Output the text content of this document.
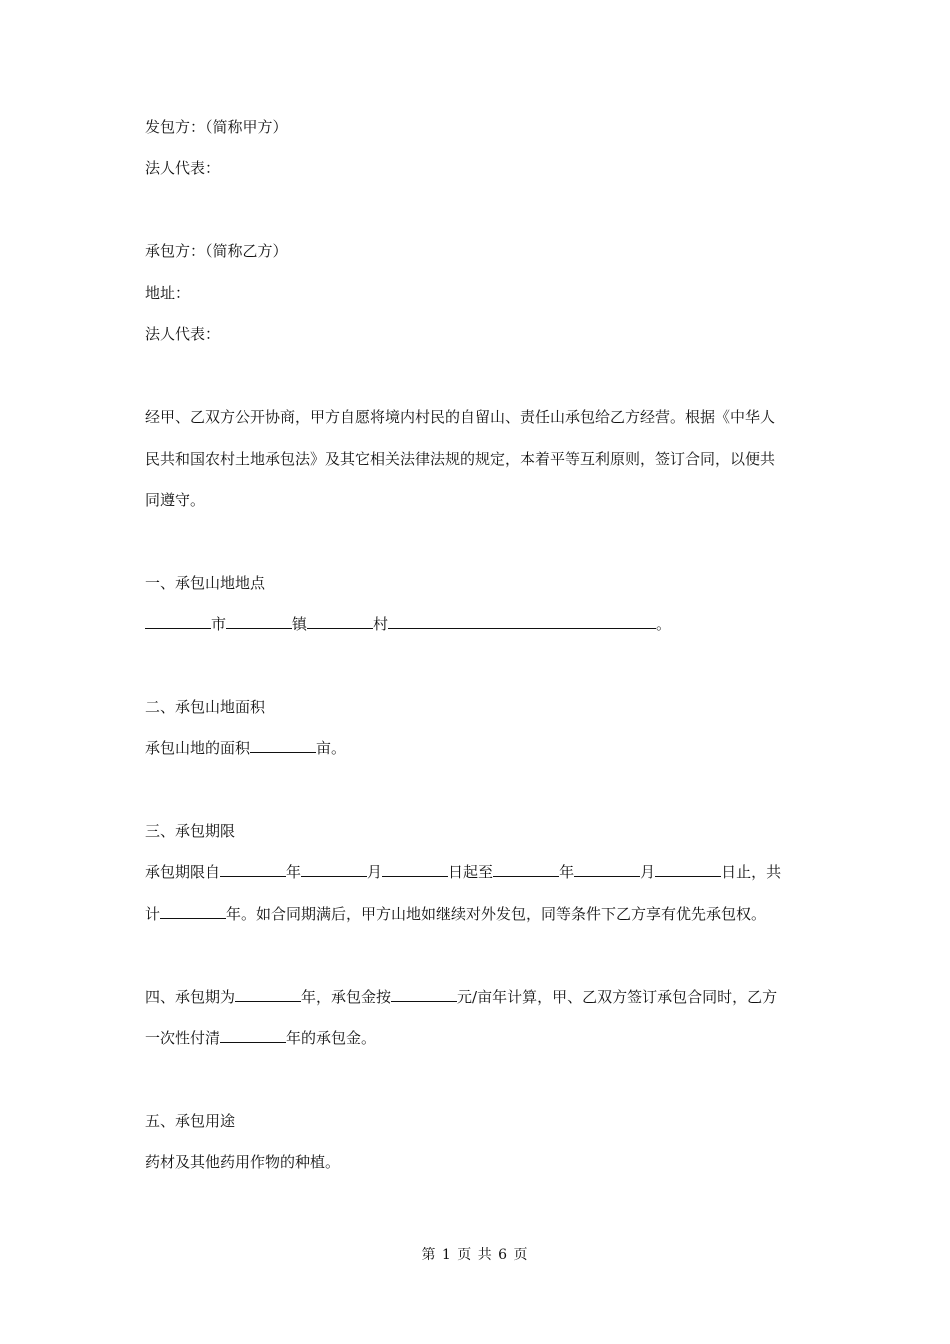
发包方：（简称甲方）
法人代表：
承包方：（简称乙方）
地址：
法人代表：
经甲、乙双方公开协商，甲方自愿将境内村民的自留山、责任山承包给乙方经营。根据《中华人
民共和国农村土地承包法》及其它相关法律法规的规定，本着平等互利原则，签订合同，以便共
同遵守。
一、承包山地地点
市	镇	村	。
二、承包山地面积
承包山地的面积	亩。
三、承包期限
承包期限自	年	月	日起至	年	月	日止，共
计	年。如合同期满后，甲方山地如继续对外发包，同等条件下乙方享有优先承包权。
四、承包期为	年，承包金按	元/亩年计算，甲、乙双方签订承包合同时，乙方
一次性付清	年的承包金。
五、承包用途
药材及其他药用作物的种植。
第 1 页 共 6 页
